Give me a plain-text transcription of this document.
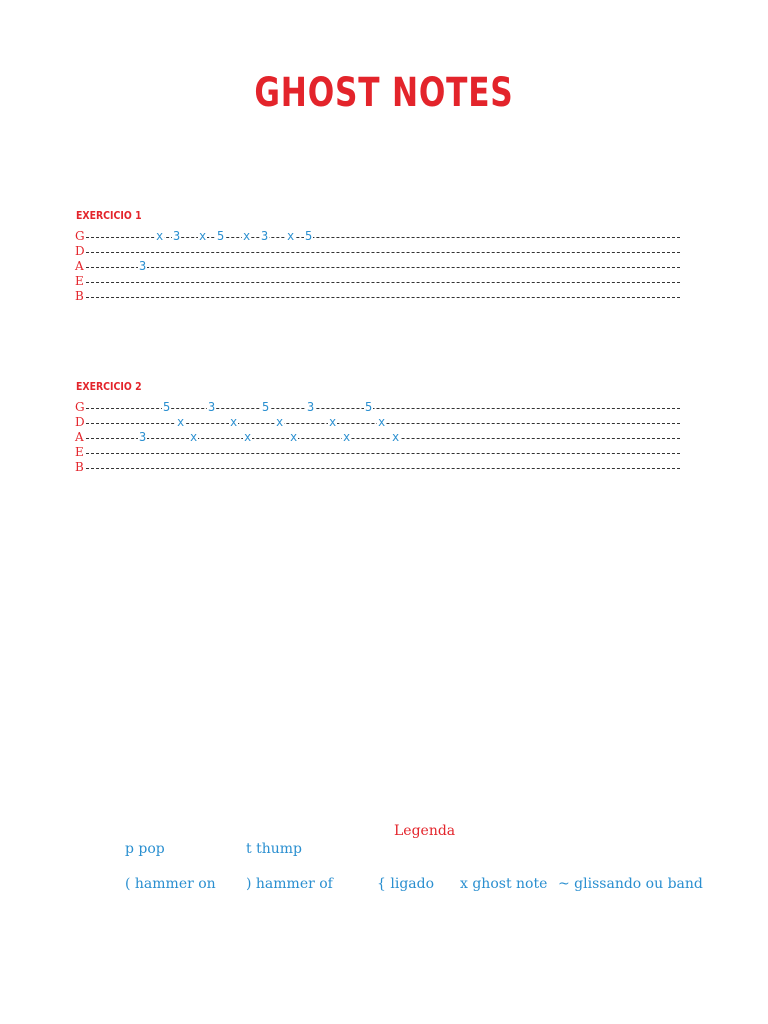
GHOST NOTES
EXERCICIO 1
G	x 3 x 5 x 3 x 5
D
A	3
E
B
EXERCICIO 2
G	5	3	5	3	5
D	x	x	x	x	x
A	3	x	x	x	x	x
E
B
Legenda
p pop	t thump
( hammer on ) hammer of	{ ligado x ghost note ~ glissando ou band
